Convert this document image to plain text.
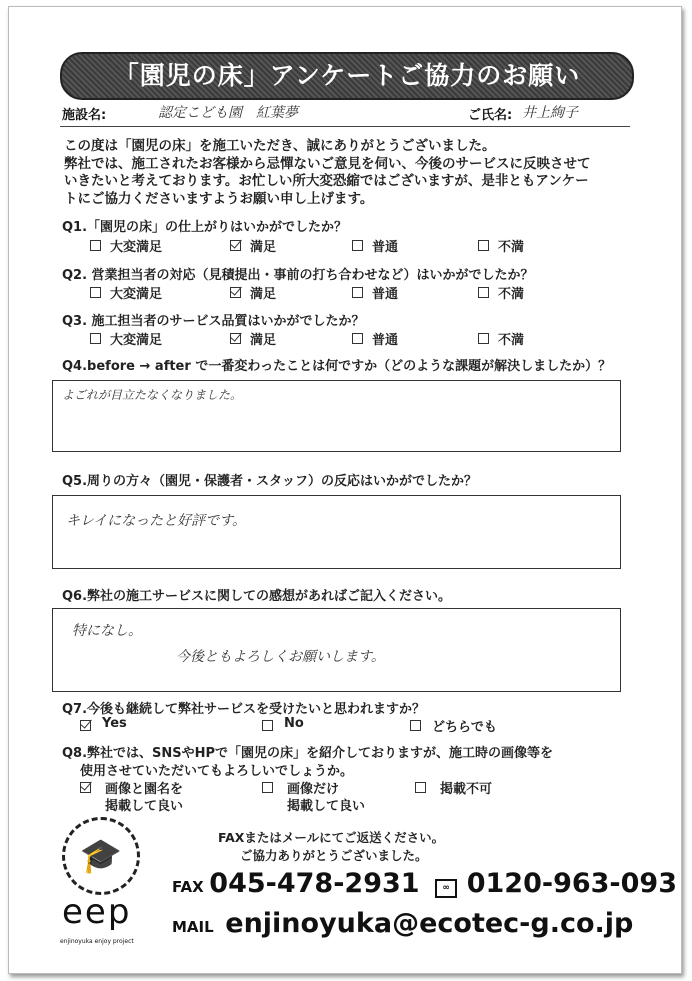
「園児の床」アンケートご協力のお願い
施設名:	認定こども園　紅葉夢	ご氏名: 井上絢子
この度は「園児の床」を施工いただき、誠にありがとうございました。
弊社では、施工されたお客様から忌憚ないご意見を伺い、今後のサービスに反映させて
いきたいと考えております。お忙しい所大変恐縮ではございますが、是非ともアンケー
トにご協力くださいますようお願い申し上げます。
Q4.before → after で一番変わったことは何ですか（どのような課題が解決しましたか）？
よごれが目立たなくなりました。
Q5.周りの方々（園児・保護者・スタッフ）の反応はいかがでしたか？
キレイになったと好評です。
Q6.弊社の施工サービスに関しての感想があればご記入ください。
特になし。
今後ともよろしくお願いします。
Q7.今後も継続して弊社サービスを受けたいと思われますか？
Q8.弊社では、SNSやHPで「園児の床」を紹介しておりますが、施工時の画像等を
使用させていただいてもよろしいでしょうか。
🎓
eep
enjinoyuka enjoy project
FAXまたはメールにてご返送ください。
ご協力ありがとうございました。
FAX 045-478-2931	∞ 0120-963-093
MAIL enjinoyuka@ecotec-g.co.jp
Q1.「園児の床」の仕上がりはいかがでしたか？
大変満足	満足	普通	不満
Q2. 営業担当者の対応（見積提出・事前の打ち合わせなど）はいかがでしたか？
大変満足	満足	普通	不満
Q3. 施工担当者のサービス品質はいかがでしたか？
大変満足	満足	普通	不満
Yes	No	どちらでも
画像と園名を
掲載して良い
画像だけ
掲載して良い
掲載不可
